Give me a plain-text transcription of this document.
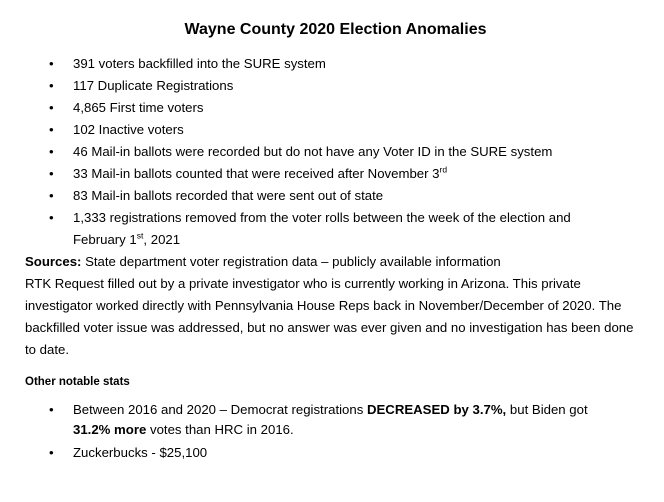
Wayne County 2020 Election Anomalies
• 391 voters backfilled into the SURE system
• 117 Duplicate Registrations
• 4,865 First time voters
• 102 Inactive voters
• 46 Mail-in ballots were recorded but do not have any Voter ID in the SURE system
• 33 Mail-in ballots counted that were received after November 3rd
• 83 Mail-in ballots recorded that were sent out of state
• 1,333 registrations removed from the voter rolls between the week of the election and
February 1st, 2021

Sources: State department voter registration data – publicly available information

RTK Request filled out by a private investigator who is currently working in Arizona. This private investigator worked directly with Pennsylvania House Reps back in November/December of 2020. The backfilled voter issue was addressed, but no answer was ever given and no investigation has been done to date.

Other notable stats

• Between 2016 and 2020 – Democrat registrations DECREASED by 3.7%, but Biden got
31.2% more votes than HRC in 2016.
• Zuckerbucks - $25,100
